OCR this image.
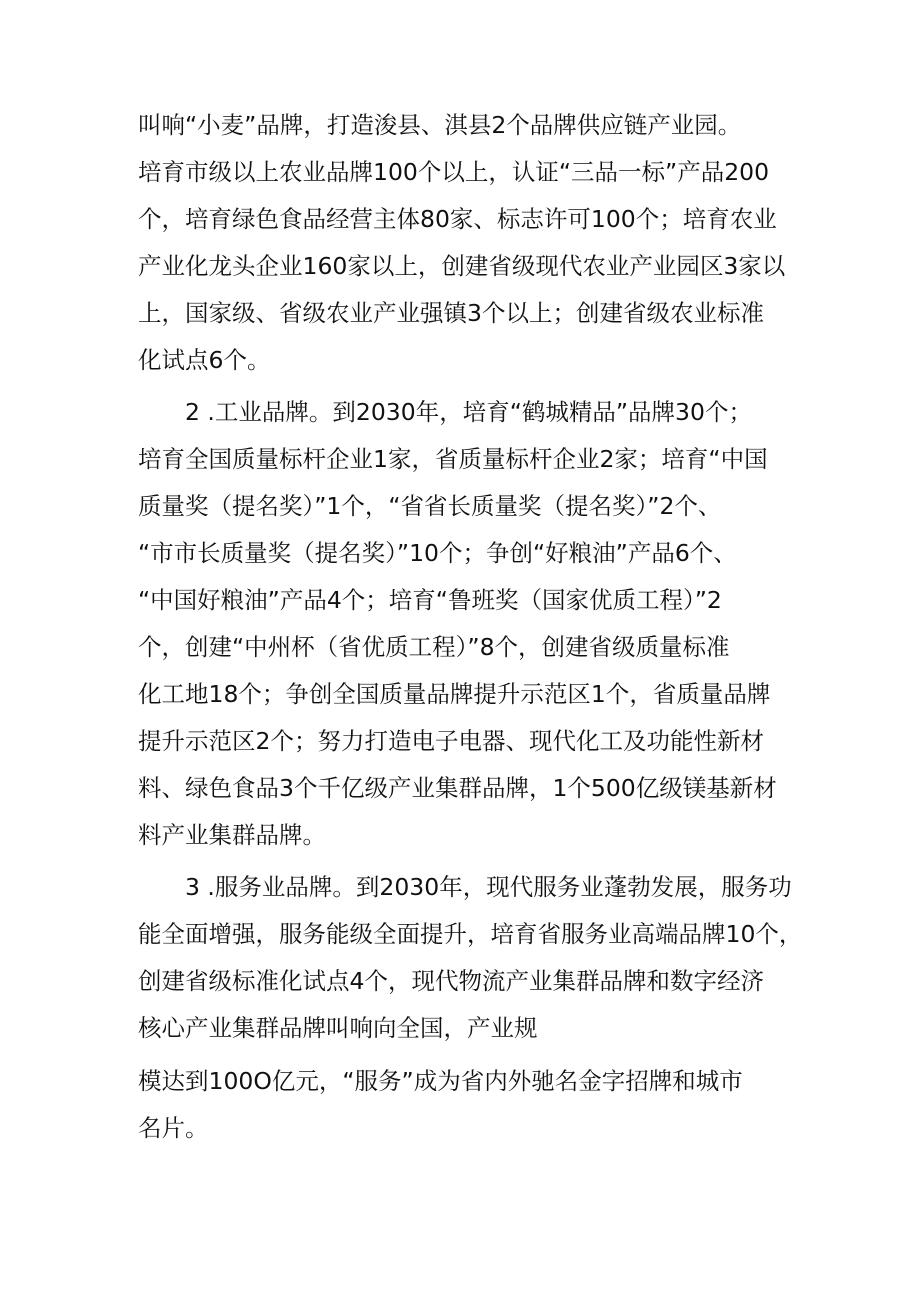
叫响“小麦”品牌，打造浚县、淇县2个品牌供应链产业园。

培育市级以上农业品牌100个以上，认证“三品一标”产品200

个，培育绿色食品经营主体80家、标志许可100个；培育农业

产业化龙头企业160家以上，创建省级现代农业产业园区3家以

上，国家级、省级农业产业强镇3个以上；创建省级农业标准

化试点6个。

2 .工业品牌。到2030年，培育“鹤城精品”品牌30个；

培育全国质量标杆企业1家，省质量标杆企业2家；培育“中国

质量奖（提名奖）”1个，“省省长质量奖（提名奖）”2个、

“市市长质量奖（提名奖）”10个；争创“好粮油”产品6个、

“中国好粮油”产品4个；培育“鲁班奖（国家优质工程）”2

个，创建“中州杯（省优质工程）”8个，创建省级质量标准

化工地18个；争创全国质量品牌提升示范区1个，省质量品牌

提升示范区2个；努力打造电子电器、现代化工及功能性新材

料、绿色食品3个千亿级产业集群品牌，1个500亿级镁基新材

料产业集群品牌。

3 .服务业品牌。到2030年，现代服务业蓬勃发展，服务功

能全面增强，服务能级全面提升，培育省服务业高端品牌10个，

创建省级标准化试点4个，现代物流产业集群品牌和数字经济

核心产业集群品牌叫响向全国，产业规

模达到100O亿元，“服务”成为省内外驰名金字招牌和城市

名片。
